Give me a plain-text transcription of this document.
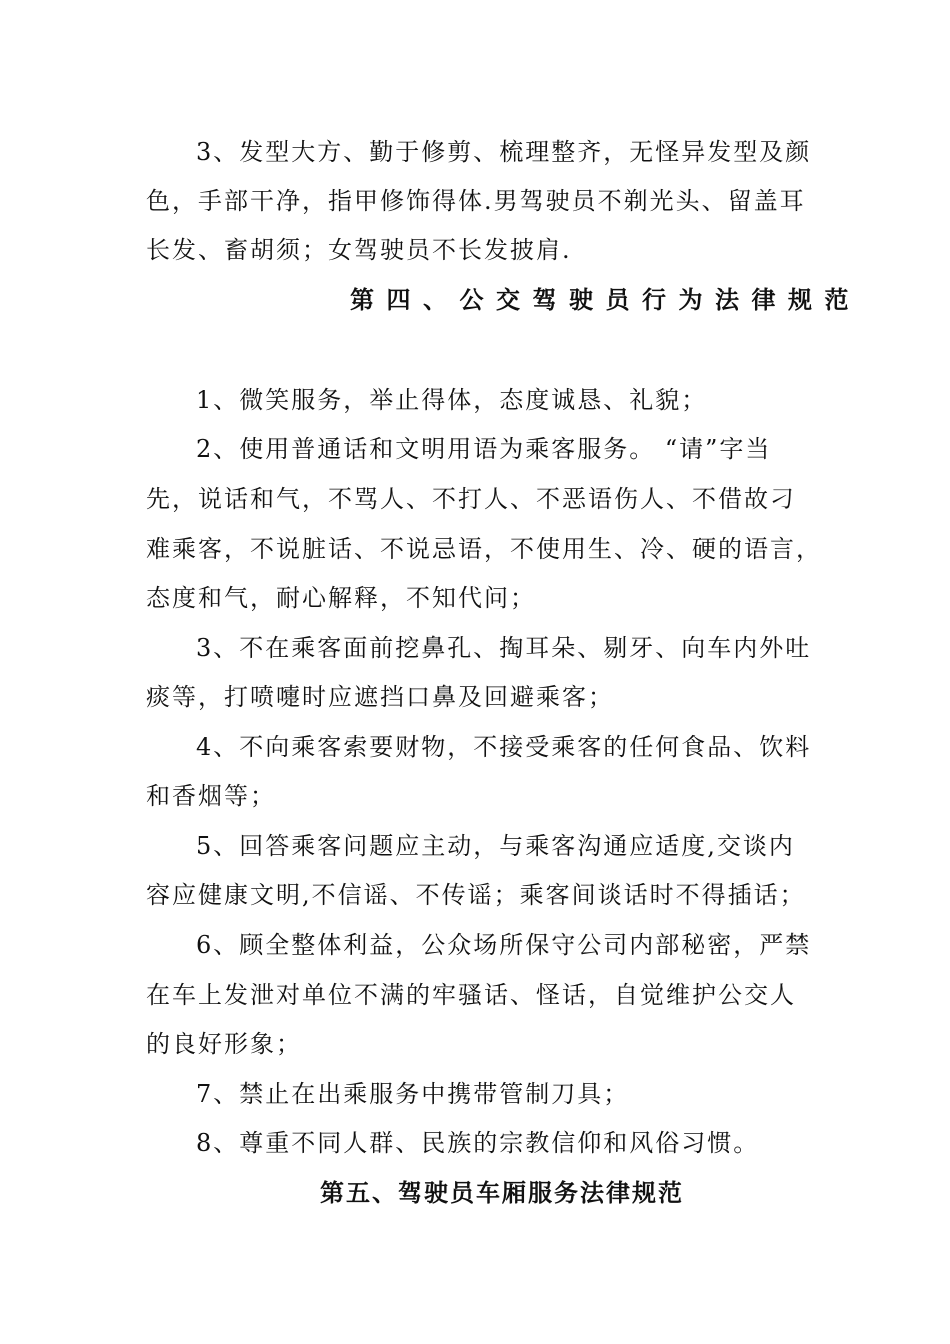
3、发型大方、勤于修剪、梳理整齐，无怪异发型及颜
色，手部干净，指甲修饰得体.男驾驶员不剃光头、留盖耳
长发、畜胡须；女驾驶员不长发披肩.
第四、公交驾驶员行为法律规范
1、微笑服务，举止得体，态度诚恳、礼貌；
2、使用普通话和文明用语为乘客服务。 “请”字当
先，说话和气，不骂人、不打人、不恶语伤人、不借故刁
难乘客，不说脏话、不说忌语，不使用生、冷、硬的语言，
态度和气，耐心解释，不知代问；
3、不在乘客面前挖鼻孔、掏耳朵、剔牙、向车内外吐
痰等，打喷嚏时应遮挡口鼻及回避乘客；
4、不向乘客索要财物，不接受乘客的任何食品、饮料
和香烟等；
5、回答乘客问题应主动，与乘客沟通应适度,交谈内
容应健康文明,不信谣、不传谣；乘客间谈话时不得插话；
6、顾全整体利益，公众场所保守公司内部秘密，严禁
在车上发泄对单位不满的牢骚话、怪话，自觉维护公交人
的良好形象；
7、禁止在出乘服务中携带管制刀具；
8、尊重不同人群、民族的宗教信仰和风俗习惯。
第五、驾驶员车厢服务法律规范
